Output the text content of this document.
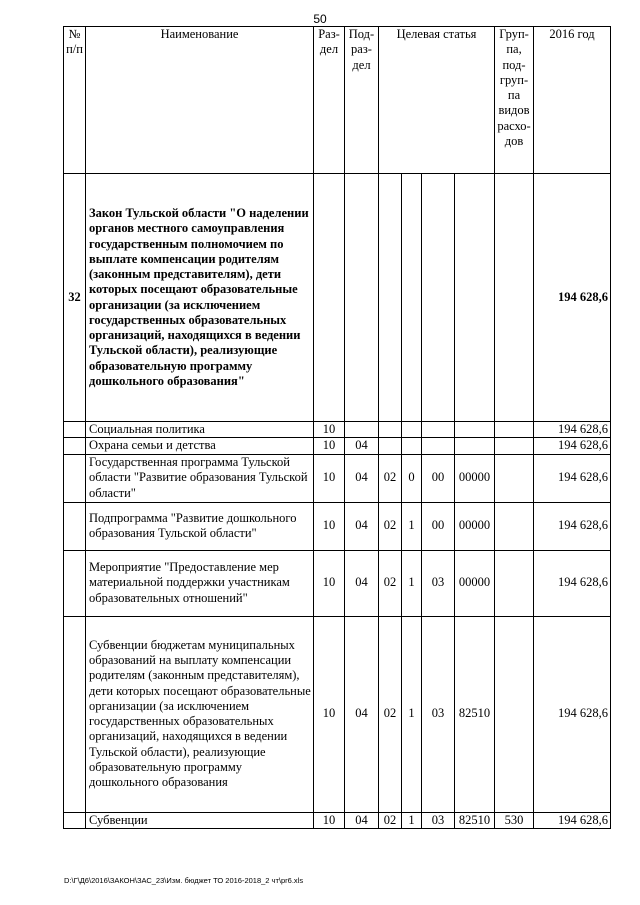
50
№ п/п	Наименование	Раз-дел	Под-раз-дел	Целевая статья				Груп-па, под-груп-па видов расхо-дов	2016 год
32	Закон Тульской области "О наделении органов местного самоуправления государственным полномочием по выплате компенсации родителям (законным представителям), дети которых посещают образовательные организации (за исключением государственных образовательных организаций, находящихся в ведении Тульской области), реализующие образовательную программу дошкольного образования"								194 628,6
	Социальная политика	10							194 628,6
	Охрана семьи и детства	10	04						194 628,6
	Государственная программа Тульской области "Развитие образования Тульской области"	10	04	02	0	00	00000		194 628,6
	Подпрограмма "Развитие дошкольного образования Тульской области"	10	04	02	1	00	00000		194 628,6
	Мероприятие "Предоставление мер материальной поддержки участникам образовательных отношений"	10	04	02	1	03	00000		194 628,6
	Субвенции бюджетам муниципальных образований на выплату компенсации родителям (законным представителям), дети которых посещают образовательные организации (за исключением государственных образовательных организаций, находящихся в ведении Тульской области), реализующие образовательную программу дошкольного образования	10	04	02	1	03	82510		194 628,6
	Субвенции	10	04	02	1	03	82510	530	194 628,6
D:\Г\Д6\2016\ЗАКОН\ЗАС_23\Изм. бюджет ТО 2016-2018_2 чт\pr6.xls
